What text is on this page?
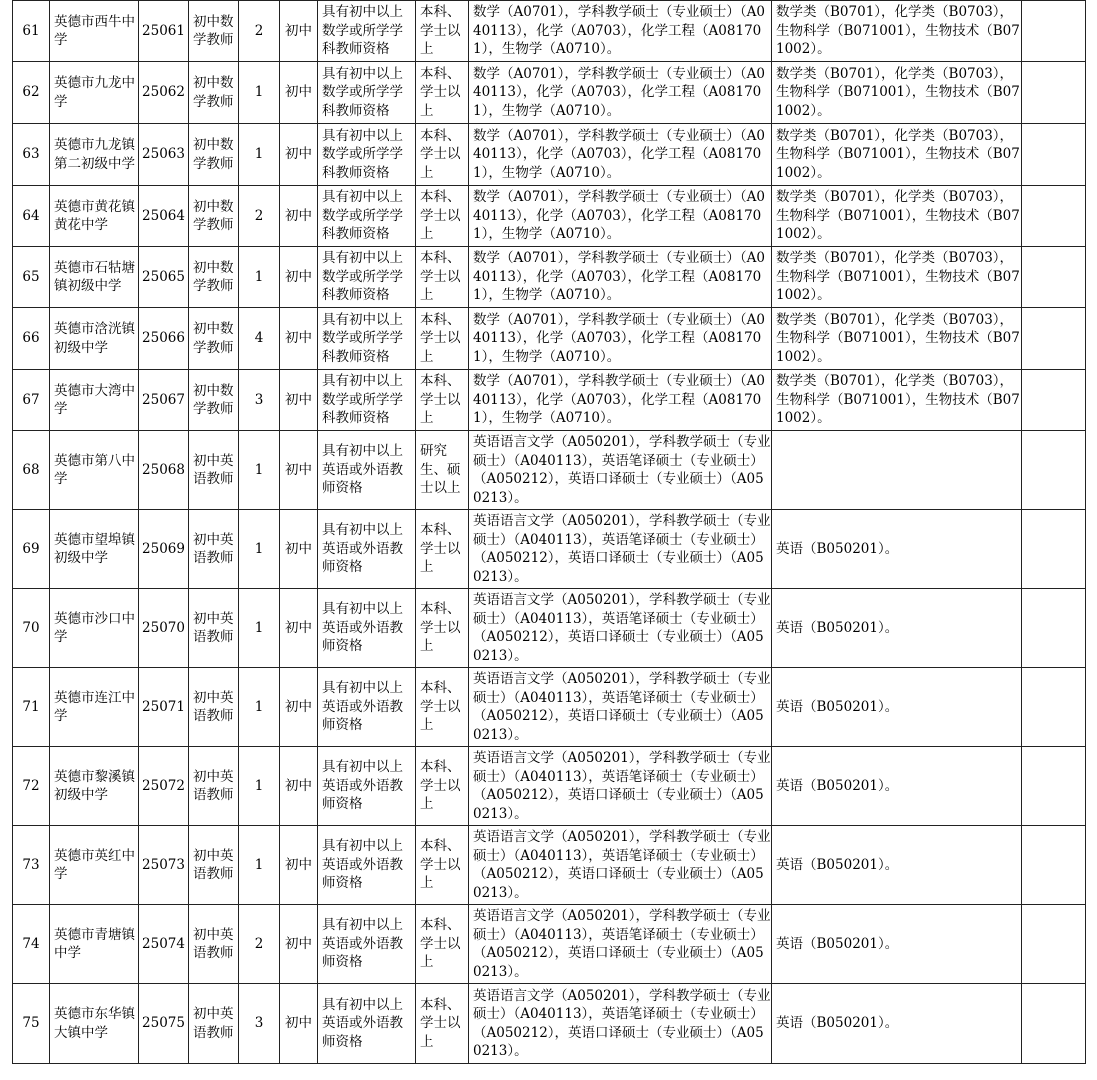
61	英德市西牛中学	25061	初中数学教师	2	初中	具有初中以上数学或所学学科教师资格	本科、学士以上	数学（A0701），学科教学硕士（专业硕士）（A040113），化学（A0703），化学工程（A081701），生物学（A0710）。	数学类（B0701），化学类（B0703），生物科学（B071001），生物技术（B071002）。	
62	英德市九龙中学	25062	初中数学教师	1	初中	具有初中以上数学或所学学科教师资格	本科、学士以上	数学（A0701），学科教学硕士（专业硕士）（A040113），化学（A0703），化学工程（A081701），生物学（A0710）。	数学类（B0701），化学类（B0703），生物科学（B071001），生物技术（B071002）。	
63	英德市九龙镇第二初级中学	25063	初中数学教师	1	初中	具有初中以上数学或所学学科教师资格	本科、学士以上	数学（A0701），学科教学硕士（专业硕士）（A040113），化学（A0703），化学工程（A081701），生物学（A0710）。	数学类（B0701），化学类（B0703），生物科学（B071001），生物技术（B071002）。	
64	英德市黄花镇黄花中学	25064	初中数学教师	2	初中	具有初中以上数学或所学学科教师资格	本科、学士以上	数学（A0701），学科教学硕士（专业硕士）（A040113），化学（A0703），化学工程（A081701），生物学（A0710）。	数学类（B0701），化学类（B0703），生物科学（B071001），生物技术（B071002）。	
65	英德市石牯塘镇初级中学	25065	初中数学教师	1	初中	具有初中以上数学或所学学科教师资格	本科、学士以上	数学（A0701），学科教学硕士（专业硕士）（A040113），化学（A0703），化学工程（A081701），生物学（A0710）。	数学类（B0701），化学类（B0703），生物科学（B071001），生物技术（B071002）。	
66	英德市浛洸镇初级中学	25066	初中数学教师	4	初中	具有初中以上数学或所学学科教师资格	本科、学士以上	数学（A0701），学科教学硕士（专业硕士）（A040113），化学（A0703），化学工程（A081701），生物学（A0710）。	数学类（B0701），化学类（B0703），生物科学（B071001），生物技术（B071002）。	
67	英德市大湾中学	25067	初中数学教师	3	初中	具有初中以上数学或所学学科教师资格	本科、学士以上	数学（A0701），学科教学硕士（专业硕士）（A040113），化学（A0703），化学工程（A081701），生物学（A0710）。	数学类（B0701），化学类（B0703），生物科学（B071001），生物技术（B071002）。	
68	英德市第八中学	25068	初中英语教师	1	初中	具有初中以上英语或外语教师资格	研究生、硕士以上	英语语言文学（A050201），学科教学硕士（专业硕士）（A040113），英语笔译硕士（专业硕士）（A050212），英语口译硕士（专业硕士）（A050213）。		
69	英德市望埠镇初级中学	25069	初中英语教师	1	初中	具有初中以上英语或外语教师资格	本科、学士以上	英语语言文学（A050201），学科教学硕士（专业硕士）（A040113），英语笔译硕士（专业硕士）（A050212），英语口译硕士（专业硕士）（A050213）。	英语（B050201）。	
70	英德市沙口中学	25070	初中英语教师	1	初中	具有初中以上英语或外语教师资格	本科、学士以上	英语语言文学（A050201），学科教学硕士（专业硕士）（A040113），英语笔译硕士（专业硕士）（A050212），英语口译硕士（专业硕士）（A050213）。	英语（B050201）。	
71	英德市连江中学	25071	初中英语教师	1	初中	具有初中以上英语或外语教师资格	本科、学士以上	英语语言文学（A050201），学科教学硕士（专业硕士）（A040113），英语笔译硕士（专业硕士）（A050212），英语口译硕士（专业硕士）（A050213）。	英语（B050201）。	
72	英德市黎溪镇初级中学	25072	初中英语教师	1	初中	具有初中以上英语或外语教师资格	本科、学士以上	英语语言文学（A050201），学科教学硕士（专业硕士）（A040113），英语笔译硕士（专业硕士）（A050212），英语口译硕士（专业硕士）（A050213）。	英语（B050201）。	
73	英德市英红中学	25073	初中英语教师	1	初中	具有初中以上英语或外语教师资格	本科、学士以上	英语语言文学（A050201），学科教学硕士（专业硕士）（A040113），英语笔译硕士（专业硕士）（A050212），英语口译硕士（专业硕士）（A050213）。	英语（B050201）。	
74	英德市青塘镇中学	25074	初中英语教师	2	初中	具有初中以上英语或外语教师资格	本科、学士以上	英语语言文学（A050201），学科教学硕士（专业硕士）（A040113），英语笔译硕士（专业硕士）（A050212），英语口译硕士（专业硕士）（A050213）。	英语（B050201）。	
75	英德市东华镇大镇中学	25075	初中英语教师	3	初中	具有初中以上英语或外语教师资格	本科、学士以上	英语语言文学（A050201），学科教学硕士（专业硕士）（A040113），英语笔译硕士（专业硕士）（A050212），英语口译硕士（专业硕士）（A050213）。	英语（B050201）。	
